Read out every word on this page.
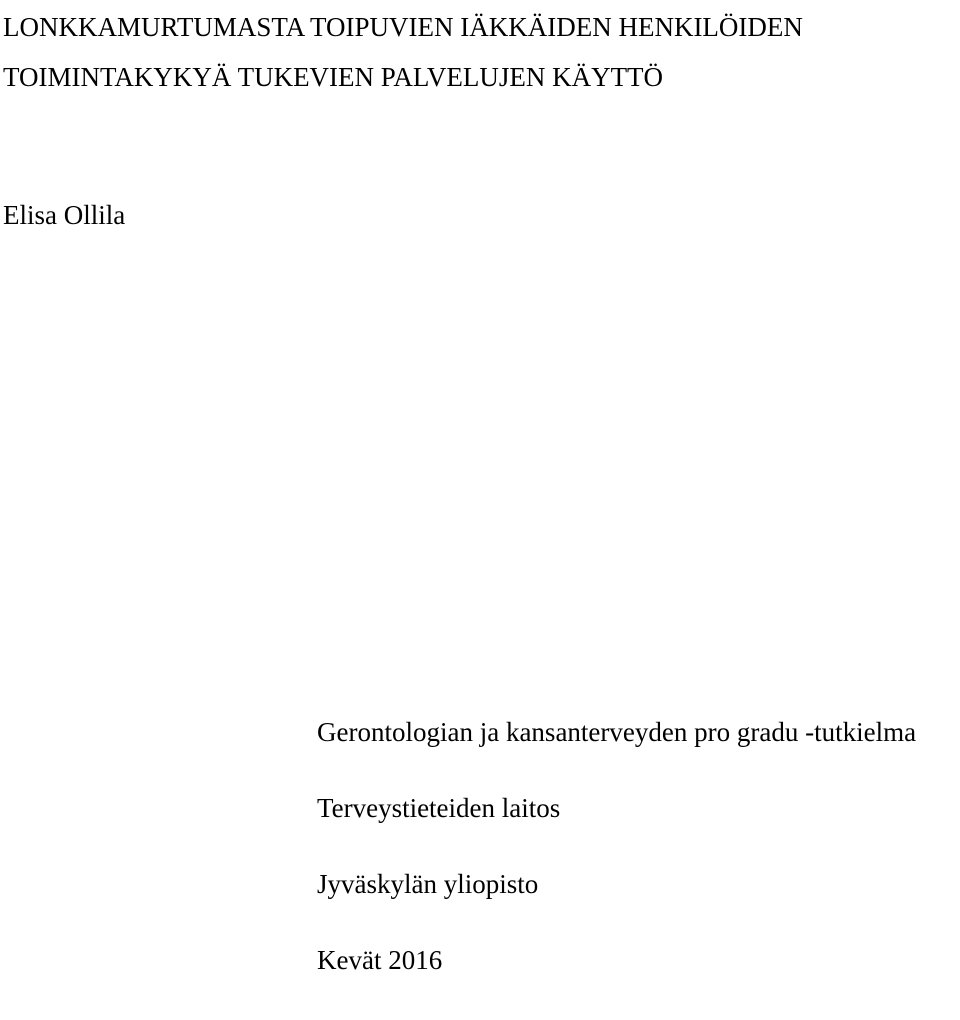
LONKKAMURTUMASTA TOIPUVIEN IÄKKÄIDEN HENKILÖIDEN
TOIMINTAKYKYÄ TUKEVIEN PALVELUJEN KÄYTTÖ
Elisa Ollila
Gerontologian ja kansanterveyden pro gradu -tutkielma
Terveystieteiden laitos
Jyväskylän yliopisto
Kevät 2016
